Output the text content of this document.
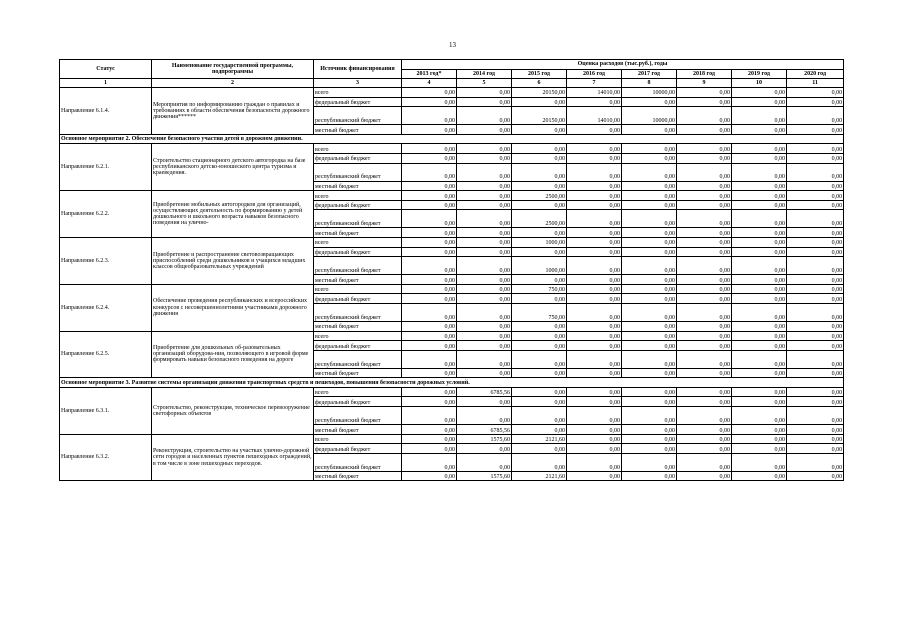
13
Статус	Наименование государственной программы, подпрограммы	Источник финансирования	Оценка расходов (тыс.руб.), годы							
			2013 год*	2014 год	2015 год	2016 год	2017 год	2018 год	2019 год	2020 год
1	2	3	4	5	6	7	8	9	10	11
Направление 6.1.4.	Мероприятия по информированию граждан о правилах и требованиях в области обеспечения безопасности дорожного движения******	всего	0,00	0,00	20150,00	14010,00	10000,00	0,00	0,00	0,00
		федеральный бюджет	0,00	0,00	0,00	0,00	0,00	0,00	0,00	0,00
		республиканский бюджет	0,00	0,00	20150,00	14010,00	10000,00	0,00	0,00	0,00
		местный бюджет	0,00	0,00	0,00	0,00	0,00	0,00	0,00	0,00
Основное мероприятие 2. Обеспечение безопасного участия детей в дорожном движении.										
Направление 6.2.1.	Строительство стационарного детского автогородка на базе республиканского детско-юношеского центра туризма и краеведения.	всего	0,00	0,00	0,00	0,00	0,00	0,00	0,00	0,00
		федеральный бюджет	0,00	0,00	0,00	0,00	0,00	0,00	0,00	0,00
		республиканский бюджет	0,00	0,00	0,00	0,00	0,00	0,00	0,00	0,00
		местный бюджет	0,00	0,00	0,00	0,00	0,00	0,00	0,00	0,00
Направление 6.2.2.	Приобретение мобильных автогородков для организаций, осуществляющих деятельность по формированию у детей дошкольного и школьного возраста навыков безопасного поведения на улично-	всего	0,00	0,00	2500,00	0,00	0,00	0,00	0,00	0,00
		федеральный бюджет	0,00	0,00	0,00	0,00	0,00	0,00	0,00	0,00
		республиканский бюджет	0,00	0,00	2500,00	0,00	0,00	0,00	0,00	0,00
		местный бюджет	0,00	0,00	0,00	0,00	0,00	0,00	0,00	0,00
Направление 6.2.3.	Приобретение и распространение световозвращающих приспособлений среди дошкольников и учащихся младших классов общеобразовательных учреждений	всего	0,00	0,00	1000,00	0,00	0,00	0,00	0,00	0,00
		федеральный бюджет	0,00	0,00	0,00	0,00	0,00	0,00	0,00	0,00
		республиканский бюджет	0,00	0,00	1000,00	0,00	0,00	0,00	0,00	0,00
		местный бюджет	0,00	0,00	0,00	0,00	0,00	0,00	0,00	0,00
Направление 6.2.4.	Обеспечение проведения республиканских и всероссийских конкурсов с несовершеннолетними участниками дорожного движения	всего	0,00	0,00	750,00	0,00	0,00	0,00	0,00	0,00
		федеральный бюджет	0,00	0,00	0,00	0,00	0,00	0,00	0,00	0,00
		республиканский бюджет	0,00	0,00	750,00	0,00	0,00	0,00	0,00	0,00
		местный бюджет	0,00	0,00	0,00	0,00	0,00	0,00	0,00	0,00
Направление 6.2.5.	Приобретение для дошкольных об-разовательных организаций оборудова-ния, позволяющего в игровой форме формировать навыки безопасного поведения на дороге	всего	0,00	0,00	0,00	0,00	0,00	0,00	0,00	0,00
		федеральный бюджет	0,00	0,00	0,00	0,00	0,00	0,00	0,00	0,00
		республиканский бюджет	0,00	0,00	0,00	0,00	0,00	0,00	0,00	0,00
		местный бюджет	0,00	0,00	0,00	0,00	0,00	0,00	0,00	0,00
Основное мероприятие 3. Развитие системы организации движения транспортных средств и пешеходов, повышения безопасности дорожных условий.										
Направление 6.3.1.	Строительство, реконструкция, техническое перевооружение светофорных объектов	всего	0,00	6785,56	0,00	0,00	0,00	0,00	0,00	0,00
		федеральный бюджет	0,00	0,00	0,00	0,00	0,00	0,00	0,00	0,00
		республиканский бюджет	0,00	0,00	0,00	0,00	0,00	0,00	0,00	0,00
		местный бюджет	0,00	6785,56	0,00	0,00	0,00	0,00	0,00	0,00
Направление 6.3.2.	Реконструкция, строительство на участках улично-дорожной сети городов и населенных пунктов пешеходных ограждений, в том числе в зоне пешеходных переходов.	всего	0,00	1575,60	2121,60	0,00	0,00	0,00	0,00	0,00
		федеральный бюджет	0,00	0,00	0,00	0,00	0,00	0,00	0,00	0,00
		республиканский бюджет	0,00	0,00	0,00	0,00	0,00	0,00	0,00	0,00
		местный бюджет	0,00	1575,60	2121,60	0,00	0,00	0,00	0,00	0,00
